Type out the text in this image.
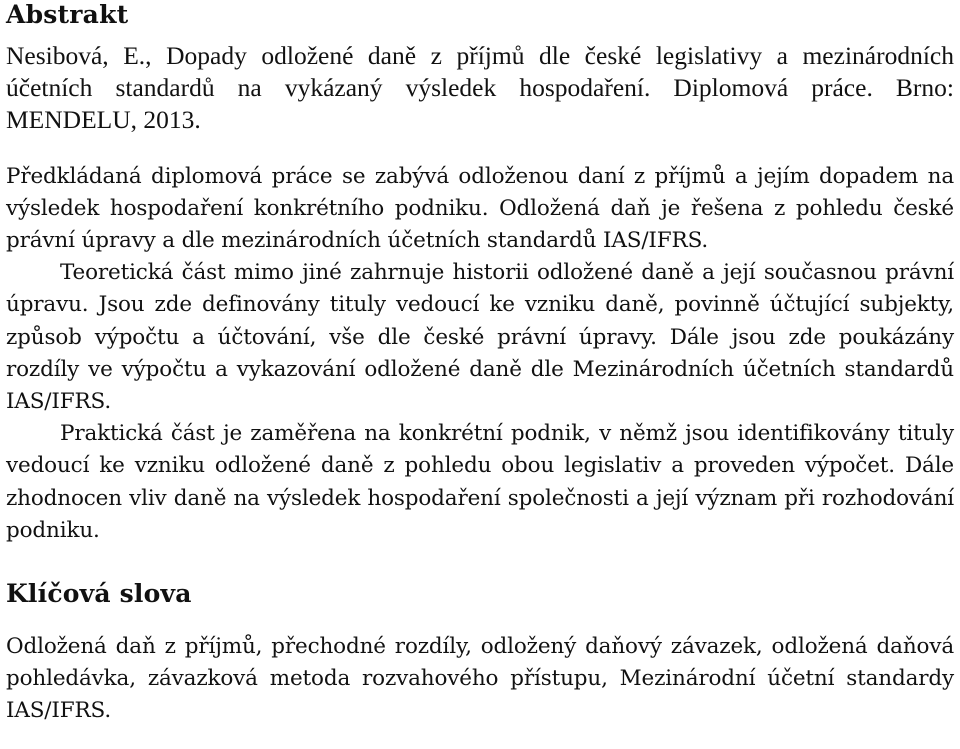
Abstrakt

Nesibová, E., Dopady odložené daně z příjmů dle české legislativy a mezinárodních účetních standardů na vykázaný výsledek hospodaření. Diplomová práce. Brno: MENDELU, 2013.

Předkládaná diplomová práce se zabývá odloženou daní z příjmů a jejím dopadem na výsledek hospodaření konkrétního podniku. Odložená daň je řešena z pohledu české právní úpravy a dle mezinárodních účetních standardů IAS/IFRS.

Teoretická část mimo jiné zahrnuje historii odložené daně a její současnou právní úpravu. Jsou zde definovány tituly vedoucí ke vzniku daně, povinně účtující subjekty, způsob výpočtu a účtování, vše dle české právní úpravy. Dále jsou zde poukázány rozdíly ve výpočtu a vykazování odložené daně dle Mezinárodních účetních standardů IAS/IFRS.

Praktická část je zaměřena na konkrétní podnik, v němž jsou identifikovány tituly vedoucí ke vzniku odložené daně z pohledu obou legislativ a proveden výpočet. Dále zhodnocen vliv daně na výsledek hospodaření společnosti a její význam při rozhodování podniku.

Klíčová slova

Odložená daň z příjmů, přechodné rozdíly, odložený daňový závazek, odložená daňová pohledávka, závazková metoda rozvahového přístupu, Mezinárodní účetní standardy IAS/IFRS.
